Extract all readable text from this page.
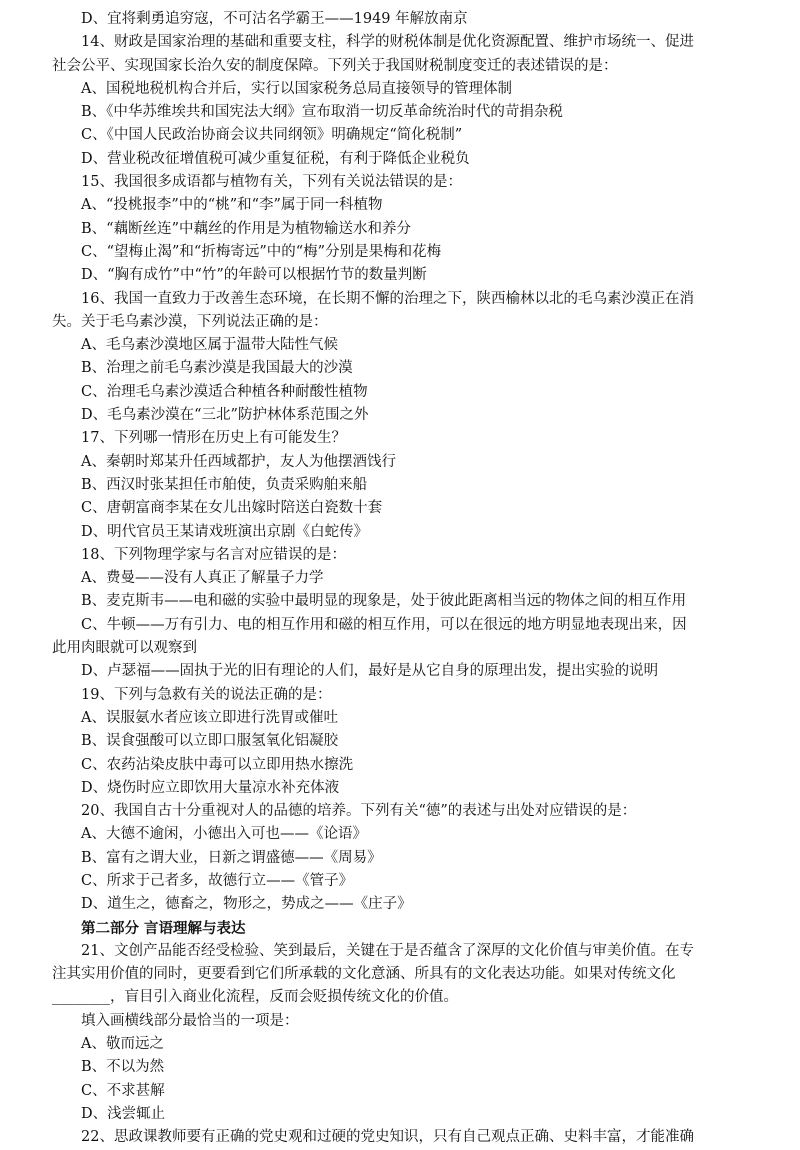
D、宜将剩勇追穷寇，不可沽名学霸王——1949 年解放南京
14、财政是国家治理的基础和重要支柱，科学的财税体制是优化资源配置、维护市场统一、促进
社会公平、实现国家长治久安的制度保障。下列关于我国财税制度变迁的表述错误的是：
A、国税地税机构合并后，实行以国家税务总局直接领导的管理体制
B、《中华苏维埃共和国宪法大纲》宣布取消一切反革命统治时代的苛捐杂税
C、《中国人民政治协商会议共同纲领》明确规定“简化税制”
D、营业税改征增值税可减少重复征税，有利于降低企业税负
15、我国很多成语都与植物有关，下列有关说法错误的是：
A、“投桃报李”中的“桃”和“李”属于同一科植物
B、“藕断丝连”中藕丝的作用是为植物输送水和养分
C、“望梅止渴”和“折梅寄远”中的“梅”分别是果梅和花梅
D、“胸有成竹”中“竹”的年龄可以根据竹节的数量判断
16、我国一直致力于改善生态环境，在长期不懈的治理之下，陕西榆林以北的毛乌素沙漠正在消
失。关于毛乌素沙漠，下列说法正确的是：
A、毛乌素沙漠地区属于温带大陆性气候
B、治理之前毛乌素沙漠是我国最大的沙漠
C、治理毛乌素沙漠适合种植各种耐酸性植物
D、毛乌素沙漠在“三北”防护林体系范围之外
17、下列哪一情形在历史上有可能发生？
A、秦朝时郑某升任西域都护，友人为他摆酒饯行
B、西汉时张某担任市舶使，负责采购舶来船
C、唐朝富商李某在女儿出嫁时陪送白瓷数十套
D、明代官员王某请戏班演出京剧《白蛇传》
18、下列物理学家与名言对应错误的是：
A、费曼——没有人真正了解量子力学
B、麦克斯韦——电和磁的实验中最明显的现象是，处于彼此距离相当远的物体之间的相互作用
C、牛顿——万有引力、电的相互作用和磁的相互作用，可以在很远的地方明显地表现出来，因
此用肉眼就可以观察到
D、卢瑟福——固执于光的旧有理论的人们，最好是从它自身的原理出发，提出实验的说明
19、下列与急救有关的说法正确的是：
A、误服氨水者应该立即进行洗胃或催吐
B、误食强酸可以立即口服氢氧化铝凝胶
C、农药沾染皮肤中毒可以立即用热水擦洗
D、烧伤时应立即饮用大量凉水补充体液
20、我国自古十分重视对人的品德的培养。下列有关“德”的表述与出处对应错误的是：
A、大德不逾闲，小德出入可也——《论语》
B、富有之谓大业，日新之谓盛德——《周易》
C、所求于己者多，故德行立——《管子》
D、道生之，德畜之，物形之，势成之——《庄子》
第二部分 言语理解与表达
21、文创产品能否经受检验、笑到最后，关键在于是否蕴含了深厚的文化价值与审美价值。在专
注其实用价值的同时，更要看到它们所承载的文化意涵、所具有的文化表达功能。如果对传统文化
________，盲目引入商业化流程，反而会贬损传统文化的价值。
填入画横线部分最恰当的一项是：
A、敬而远之
B、不以为然
C、不求甚解
D、浅尝辄止
22、思政课教师要有正确的党史观和过硬的党史知识，只有自己观点正确、史料丰富，才能准确
